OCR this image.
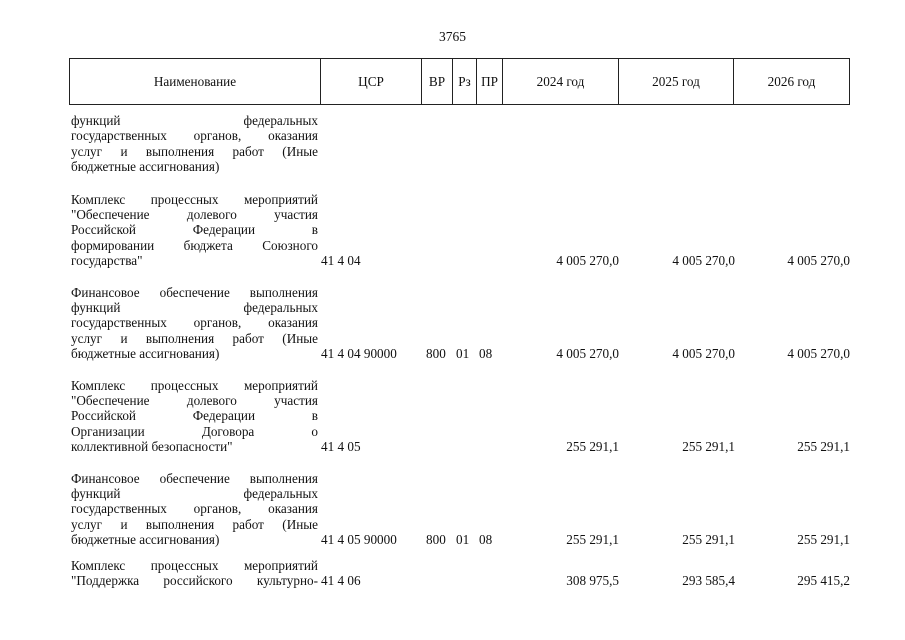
3765
Наименование	ЦСР	ВР Рз ПР	2024 год	2025 год	2026 год
функций федеральных
государственных органов, оказания
услуг и выполнения работ (Иные
бюджетные ассигнования)
Комплекс процессных мероприятий
"Обеспечение долевого участия
Российской Федерации в
формировании бюджета Союзного
государства"	41 4 04	4 005 270,0	4 005 270,0	4 005 270,0
Финансовое обеспечение выполнения
функций федеральных
государственных органов, оказания
услуг и выполнения работ (Иные
бюджетные ассигнования)	41 4 04 90000 800 01 08	4 005 270,0	4 005 270,0	4 005 270,0
Комплекс процессных мероприятий
"Обеспечение долевого участия
Российской Федерации в
Организации Договора о
коллективной безопасности"	41 4 05	255 291,1	255 291,1	255 291,1
Финансовое обеспечение выполнения
функций федеральных
государственных органов, оказания
услуг и выполнения работ (Иные
бюджетные ассигнования)	41 4 05 90000 800 01 08	255 291,1	255 291,1	255 291,1
Комплекс процессных мероприятий
"Поддержка российского культурно- 41 4 06	308 975,5	293 585,4	295 415,2
